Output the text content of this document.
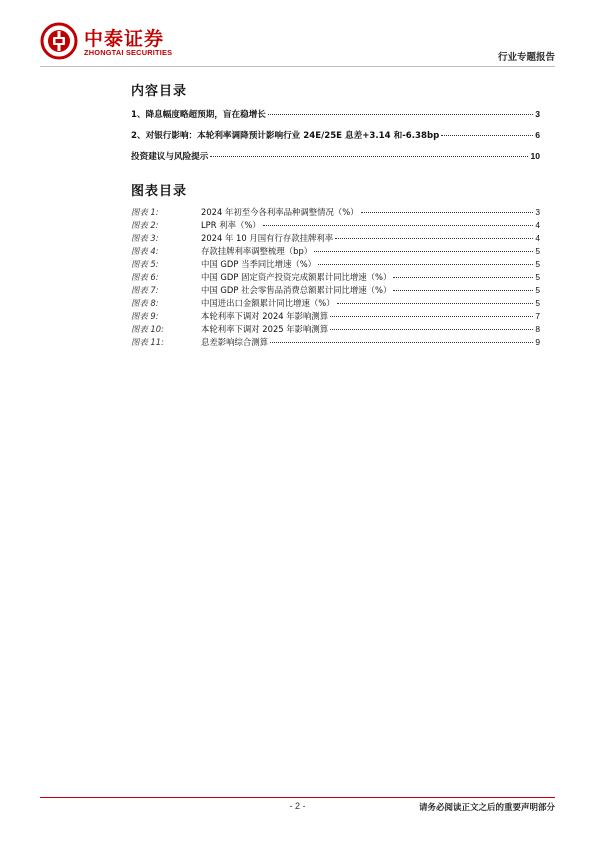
中泰证券
ZHONGTAI SECURITIES	行业专题报告
内容目录
1、降息幅度略超预期，盲在稳增长	3
2、对银行影响：本轮利率调降预计影响行业 24E/25E 息差+3.14 和-6.38bp	6
投资建议与风险提示	10
图表目录
图表 1:	2024 年初至今各利率品种调整情况（%）	3
图表 2:	LPR 利率（%）	4
图表 3:	2024 年 10 月国有行存款挂牌利率	4
图表 4:	存款挂牌利率调整梳理（bp）	5
图表 5:	中国 GDP 当季同比增速（%）	5
图表 6:	中国 GDP 固定资产投资完成额累计同比增速（%）	5
图表 7:	中国 GDP 社会零售品消费总额累计同比增速（%）	5
图表 8:	中国进出口金额累计同比增速（%）	5
图表 9:	本轮利率下调对 2024 年影响测算	7
图表 10:	本轮利率下调对 2025 年影响测算	8
图表 11:	息差影响综合测算	9
- 2 -	请务必阅读正文之后的重要声明部分
